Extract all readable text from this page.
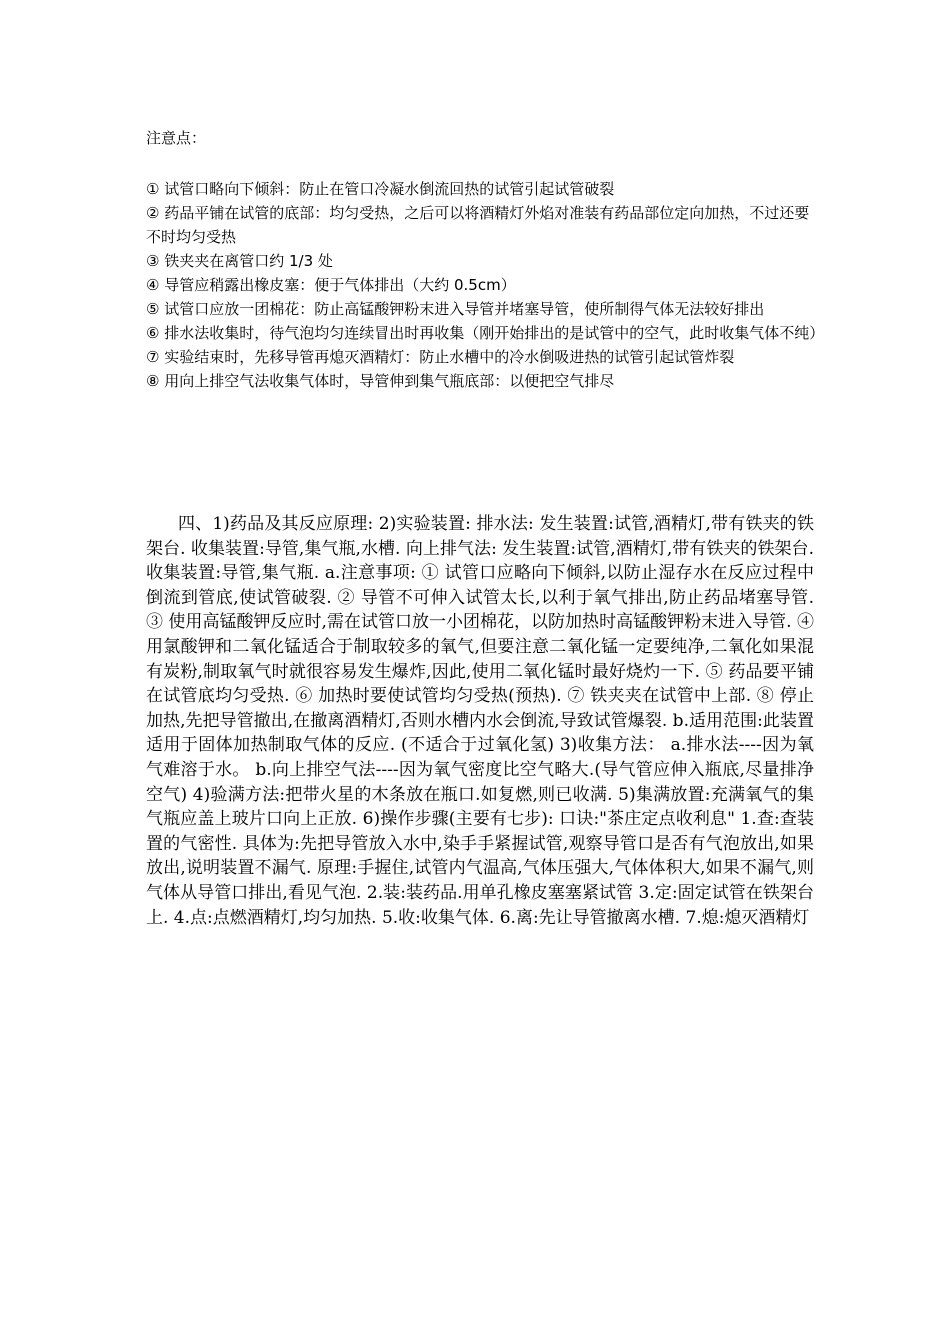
注意点：
① 试管口略向下倾斜：防止在管口冷凝水倒流回热的试管引起试管破裂
② 药品平铺在试管的底部：均匀受热，之后可以将酒精灯外焰对准装有药品部位定向加热，不过还要不时均匀受热
③ 铁夹夹在离管口约 1/3 处
④ 导管应稍露出橡皮塞：便于气体排出（大约 0.5cm）
⑤ 试管口应放一团棉花：防止高锰酸钾粉末进入导管并堵塞导管，使所制得气体无法较好排出
⑥ 排水法收集时，待气泡均匀连续冒出时再收集（刚开始排出的是试管中的空气，此时收集气体不纯）
⑦ 实验结束时，先移导管再熄灭酒精灯：防止水槽中的冷水倒吸进热的试管引起试管炸裂
⑧ 用向上排空气法收集气体时，导管伸到集气瓶底部：以便把空气排尽

四、1)药品及其反应原理: 2)实验装置: 排水法: 发生装置:试管,酒精灯,带有铁夹的铁架台. 收集装置:导管,集气瓶,水槽. 向上排气法: 发生装置:试管,酒精灯,带有铁夹的铁架台. 收集装置:导管,集气瓶. a.注意事项: ① 试管口应略向下倾斜,以防止湿存水在反应过程中倒流到管底,使试管破裂. ② 导管不可伸入试管太长,以利于氧气排出,防止药品堵塞导管. ③ 使用高锰酸钾反应时,需在试管口放一小团棉花，以防加热时高锰酸钾粉末进入导管. ④ 用氯酸钾和二氧化锰适合于制取较多的氧气,但要注意二氧化锰一定要纯净,二氧化如果混有炭粉,制取氧气时就很容易发生爆炸,因此,使用二氧化锰时最好烧灼一下. ⑤ 药品要平铺在试管底均匀受热. ⑥ 加热时要使试管均匀受热(预热). ⑦ 铁夹夹在试管中上部. ⑧ 停止加热,先把导管撤出,在撤离酒精灯,否则水槽内水会倒流,导致试管爆裂. b.适用范围:此装置适用于固体加热制取气体的反应. (不适合于过氧化氢) 3)收集方法： a.排水法----因为氧气难溶于水。 b.向上排空气法----因为氧气密度比空气略大.(导气管应伸入瓶底,尽量排净空气) 4)验满方法:把带火星的木条放在瓶口.如复燃,则已收满. 5)集满放置:充满氧气的集气瓶应盖上玻片口向上正放. 6)操作步骤(主要有七步): 口诀:"茶庄定点收利息" 1.查:查装置的气密性. 具体为:先把导管放入水中,染手手紧握试管,观察导管口是否有气泡放出,如果放出,说明装置不漏气. 原理:手握住,试管内气温高,气体压强大,气体体积大,如果不漏气,则气体从导管口排出,看见气泡. 2.装:装药品.用单孔橡皮塞塞紧试管 3.定:固定试管在铁架台上. 4.点:点燃酒精灯,均匀加热. 5.收:收集气体. 6.离:先让导管撤离水槽. 7.熄:熄灭酒精灯
